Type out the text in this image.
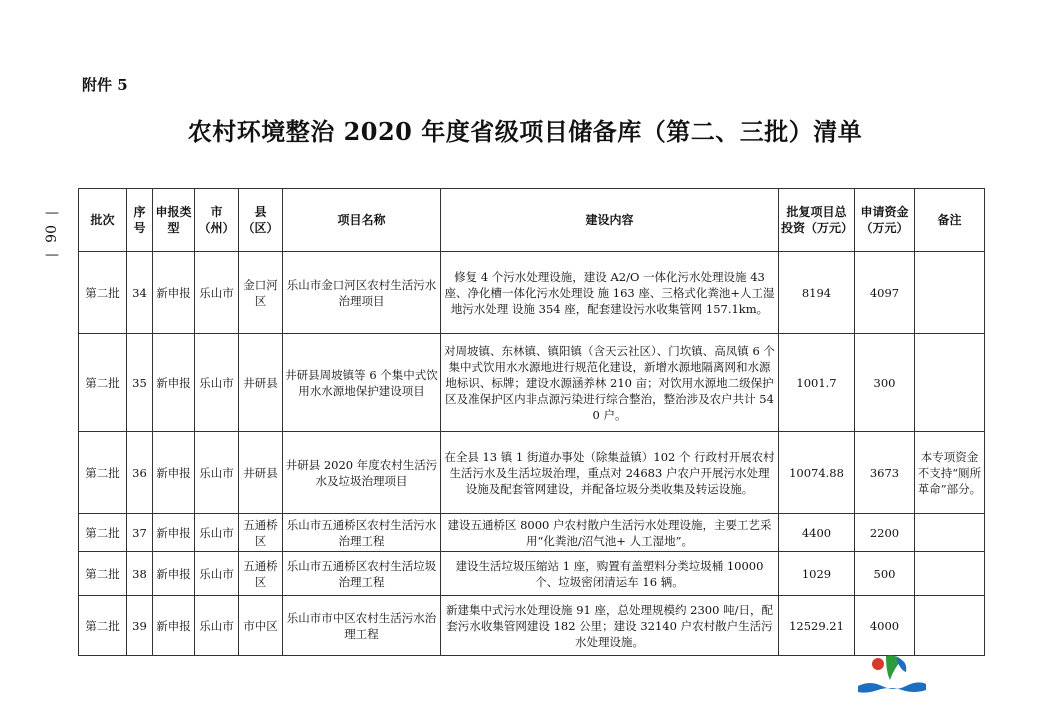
附件 5
农村环境整治 2020 年度省级项目储备库（第二、三批）清单
—
90
—
批次	序号	申报类型	市（州）	县（区）	项目名称	建设内容	批复项目总投资（万元）	申请资金（万元）	备注
第二批	34	新申报	乐山市	金口河区	乐山市金口河区农村生活污水治理项目	修复 4 个污水处理设施，建设 A2/O 一体化污水处理设施 43 座、净化槽一体化污水处理设 施 163 座、三格式化粪池+人工湿地污水处理 设施 354 座，配套建设污水收集管网 157.1km。	8194	4097	
第二批	35	新申报	乐山市	井研县	井研县周坡镇等 6 个集中式饮用水水源地保护建设项目	对周坡镇、东林镇、镇阳镇（含天云社区）、门坎镇、高凤镇 6 个集中式饮用水水源地进行规范化建设，新增水源地隔离网和水源地标识、标牌；建设水源涵养林 210 亩；对饮用水源地二级保护区及准保护区内非点源污染进行综合整治，整治涉及农户共计 540 户。	1001.7	300	
第二批	36	新申报	乐山市	井研县	井研县 2020 年度农村生活污水及垃圾治理项目	在全县 13 镇 1 街道办事处（除集益镇）102 个 行政村开展农村生活污水及生活垃圾治理，重点对 24683 户农户开展污水处理设施及配套管网建设，并配备垃圾分类收集及转运设施。	10074.88	3673	本专项资金不支持“厕所革命”部分。
第二批	37	新申报	乐山市	五通桥区	乐山市五通桥区农村生活污水治理工程	建设五通桥区 8000 户农村散户生活污水处理设施，主要工艺采用“化粪池/沼气池+ 人工湿地”。	4400	2200	
第二批	38	新申报	乐山市	五通桥区	乐山市五通桥区农村生活垃圾治理工程	建设生活垃圾压缩站 1 座，购置有盖塑料分类垃圾桶 10000 个、垃圾密闭清运车 16 辆。	1029	500	
第二批	39	新申报	乐山市	市中区	乐山市市中区农村生活污水治理工程	新建集中式污水处理设施 91 座，总处理规模约 2300 吨/日，配套污水收集管网建设 182 公里；建设 32140 户农村散户生活污水处理设施。	12529.21	4000	
